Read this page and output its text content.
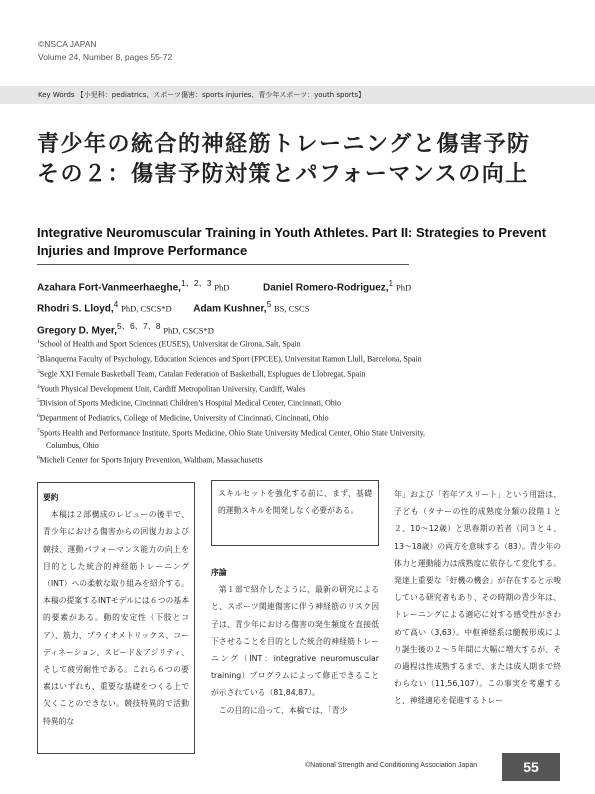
©NSCA JAPAN
Volume 24, Number 8, pages 55-72
Key Words 【小児科：pediatrics、スポーツ傷害：sports injuries、青少年スポーツ：youth sports】
青少年の統合的神経筋トレーニングと傷害予防　その２：傷害予防対策とパフォーマンスの向上
Integrative Neuromuscular Training in Youth Athletes. Part II: Strategies to Prevent Injuries and Improve Performance
Azahara Fort-Vanmeerhaeghe,$^{1、2、3}$ PhD	Daniel Romero-Rodriguez,$^1$ PhD
Rhodri S. Lloyd,$^4$ PhD, CSCS*D Adam Kushner,$^5$ BS, CSCS
Gregory D. Myer,$^{5、6、7、8}$ PhD, CSCS*D
$^1$School of Health and Sport Sciences (EUSES), Universitat de Girona, Salt, Spain
$^2$Blanquerna Faculty of Psychology, Education Sciences and Sport (FPCEE), Universitat Ramon Llull, Barcelona, Spain
$^3$Segle XXI Female Basketball Team, Catalan Federation of Basketball, Esplugues de Llobregat, Spain
$^4$Youth Physical Development Unit, Cardiff Metropolitan University, Cardiff, Wales
$^5$Division of Sports Medicine, Cincinnati Children’s Hospital Medical Center, Cincinnati, Ohio
$^6$Department of Pediatrics, College of Medicine, University of Cincinnati, Cincinnati, Ohio
$^7$Sports Health and Performance Institute, Sports Medicine, Ohio State University Medical Center, Ohio State University,
Columbus, Ohio
$^8$Micheli Center for Sports Injury Prevention, Waltham, Massachusetts
要約

本稿は２部構成のレビューの後半で、青少年における傷害からの回復力および競技、運動パフォーマンス能力の向上を目的とした統合的神経筋トレーニング（INT）への柔軟な取り組みを紹介する。本稿の提案するINTモデルには６つの基本的要素がある。動的安定性（下肢とコア）、筋力、プライオメトリックス、コーディネーション、スピード＆アジリティ、そして疲労耐性である。これら６つの要素はいずれも、重要な基礎をつくる上で欠くことのできない。競技特異的で活動特異的な

スキルセットを強化する前に、まず、基礎的運動スキルを開発しなく必要がある。

序論

第１部で紹介したように、最新の研究によると、スポーツ関連傷害に伴う神経筋のリスク因子は、青少年における傷害の発生頻度を直接低下させることを目的とした統合的神経筋トレーニング（INT：integrative neuromuscular training）プログラムによって修正できることが示されている（81,84,87）。

この目的に沿って、本稿では、「青少

年」および「若年アスリート」という用語は、子ども（タナーの性的成熟度分類の段階１と２、10〜12歳）と思春期の若者（同３と４、13〜18歳）の両方を意味する（83）。青少年の体力と運動能力は成熟度に依存して変化する。発達上重要な「好機の機会」が存在すると示唆している研究者もあり、その時期の青少年は、トレーニングによる適応に対する感受性がきわめて高い（3,63）。中枢神経系は髄鞍形成により誕生後の２〜５年間に大幅に増大するが、その過程は性成熟するまで、または成人期まで終わらない（11,56,107）。この事実を考慮すると、神経適応を促進するトレー

©National Strength and Conditioning Association Japan	55
